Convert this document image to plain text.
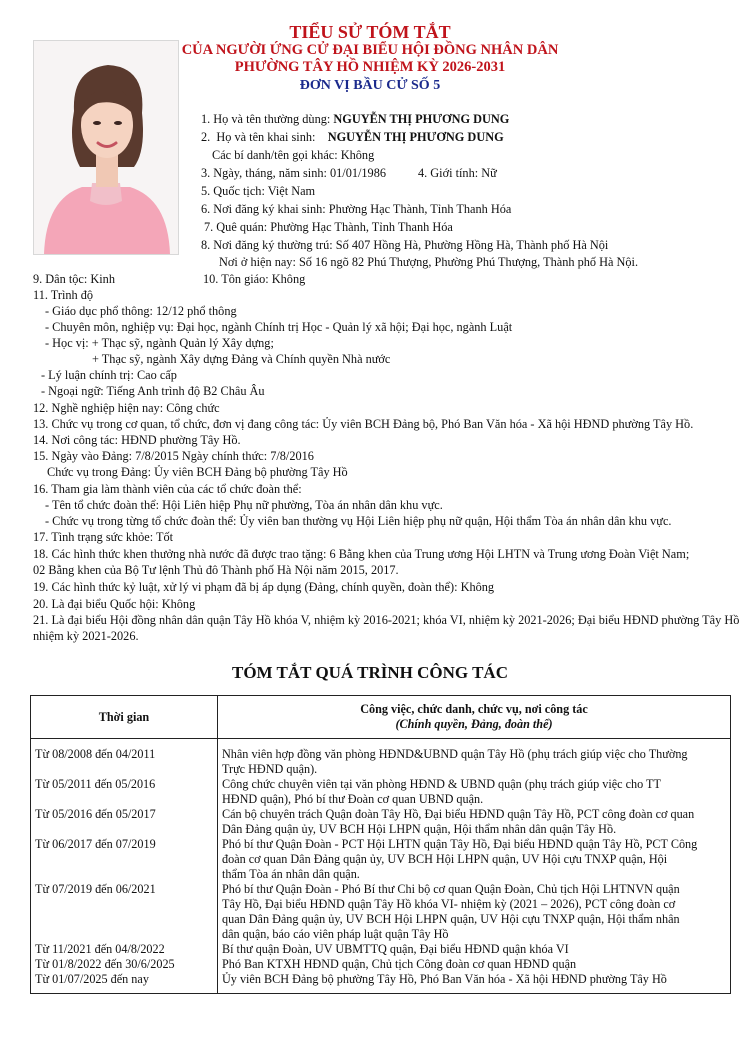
TIỂU SỬ TÓM TẮT
CỦA NGƯỜI ỨNG CỬ ĐẠI BIỂU HỘI ĐỒNG NHÂN DÂN
PHƯỜNG TÂY HỒ NHIỆM KỲ 2026-2031
ĐƠN VỊ BẦU CỬ SỐ 5
1. Họ và tên thường dùng: NGUYỄN THỊ PHƯƠNG DUNG
2.  Họ và tên khai sinh:    NGUYỄN THỊ PHƯƠNG DUNG
Các bí danh/tên gọi khác: Không
3. Ngày, tháng, năm sinh: 01/01/1986	4. Giới tính: Nữ
5. Quốc tịch: Việt Nam
6. Nơi đăng ký khai sinh: Phường Hạc Thành, Tỉnh Thanh Hóa
7. Quê quán: Phường Hạc Thành, Tỉnh Thanh Hóa
8. Nơi đăng ký thường trú: Số 407 Hồng Hà, Phường Hồng Hà, Thành phố Hà Nội
Nơi ở hiện nay: Số 16 ngõ 82 Phú Thượng, Phường Phú Thượng, Thành phố Hà Nội.
9. Dân tộc: Kinh	10. Tôn giáo: Không
11. Trình độ
- Giáo dục phổ thông: 12/12 phổ thông
- Chuyên môn, nghiệp vụ: Đại học, ngành Chính trị Học - Quản lý xã hội; Đại học, ngành Luật
- Học vị: + Thạc sỹ, ngành Quản lý Xây dựng;
+ Thạc sỹ, ngành Xây dựng Đảng và Chính quyền Nhà nước
- Lý luận chính trị: Cao cấp
- Ngoại ngữ: Tiếng Anh trình độ B2 Châu Âu
12. Nghề nghiệp hiện nay: Công chức
13. Chức vụ trong cơ quan, tổ chức, đơn vị đang công tác: Ủy viên BCH Đảng bộ, Phó Ban Văn hóa - Xã hội HĐND phường Tây Hồ.
14. Nơi công tác: HĐND phường Tây Hồ.
15. Ngày vào Đảng: 7/8/2015 Ngày chính thức: 7/8/2016
Chức vụ trong Đảng: Ủy viên BCH Đảng bộ phường Tây Hồ
16. Tham gia làm thành viên của các tổ chức đoàn thể:
- Tên tổ chức đoàn thể: Hội Liên hiệp Phụ nữ phường, Tòa án nhân dân khu vực.
- Chức vụ trong từng tổ chức đoàn thể: Ủy viên ban thường vụ Hội Liên hiệp phụ nữ quận, Hội thẩm Tòa án nhân dân khu vực.
17. Tình trạng sức khỏe: Tốt
18. Các hình thức khen thưởng nhà nước đã được trao tặng: 6 Bằng khen của Trung ương Hội LHTN và Trung ương Đoàn Việt Nam;
02 Bằng khen của Bộ Tư lệnh Thủ đô Thành phố Hà Nội năm 2015, 2017.
19. Các hình thức kỷ luật, xử lý vi phạm đã bị áp dụng (Đảng, chính quyền, đoàn thể): Không
20. Là đại biểu Quốc hội: Không
21. Là đại biểu Hội đồng nhân dân quận Tây Hồ khóa V, nhiệm kỳ 2016-2021; khóa VI, nhiệm kỳ 2021-2026; Đại biểu HĐND phường Tây Hồ
nhiệm kỳ 2021-2026.
TÓM TẮT QUÁ TRÌNH CÔNG TÁC
Thời gian	Công việc, chức danh, chức vụ, nơi công tác
(Chính quyền, Đảng, đoàn thể)

Từ 08/2008 đến 04/2011	Nhân viên hợp đồng văn phòng HĐND&UBND quận Tây Hồ (phụ trách giúp việc cho Thường
Trực HĐND quận).

Từ 05/2011 đến 05/2016	Công chức chuyên viên tại văn phòng HĐND & UBND quận (phụ trách giúp việc cho TT
HĐND quận), Phó bí thư Đoàn cơ quan UBND quận.

Từ 05/2016 đến 05/2017	Cán bộ chuyên trách Quận đoàn Tây Hồ, Đại biểu HĐND quận Tây Hồ, PCT công đoàn cơ quan
Dân Đảng quận ủy, UV BCH Hội LHPN quận, Hội thẩm nhân dân quận Tây Hồ.

Từ 06/2017 đến 07/2019	Phó bí thư Quận Đoàn - PCT Hội LHTN quận Tây Hồ, Đại biểu HĐND quận Tây Hồ, PCT Công
đoàn cơ quan Dân Đảng quận ủy, UV BCH Hội LHPN quận, UV Hội cựu TNXP quận, Hội
thẩm Tòa án nhân dân quận.

Từ 07/2019 đến 06/2021	Phó bí thư Quận Đoàn - Phó Bí thư Chi bộ cơ quan Quận Đoàn, Chủ tịch Hội LHTNVN quận
Tây Hồ, Đại biểu HĐND quận Tây Hồ khóa VI- nhiệm kỳ (2021 – 2026), PCT công đoàn cơ
quan Dân Đảng quận ủy, UV BCH Hội LHPN quận, UV Hội cựu TNXP quận, Hội thẩm nhân
dân quận, báo cáo viên pháp luật quận Tây Hồ

Từ 11/2021 đến 04/8/2022	Bí thư quận Đoàn, UV UBMTTQ quận, Đại biểu HĐND quận khóa VI

Từ 01/8/2022 đến 30/6/2025	Phó Ban KTXH HĐND quận, Chủ tịch Công đoàn cơ quan HĐND quận

Từ 01/07/2025 đến nay	Ủy viên BCH Đảng bộ phường Tây Hồ, Phó Ban Văn hóa - Xã hội HĐND phường Tây Hồ
